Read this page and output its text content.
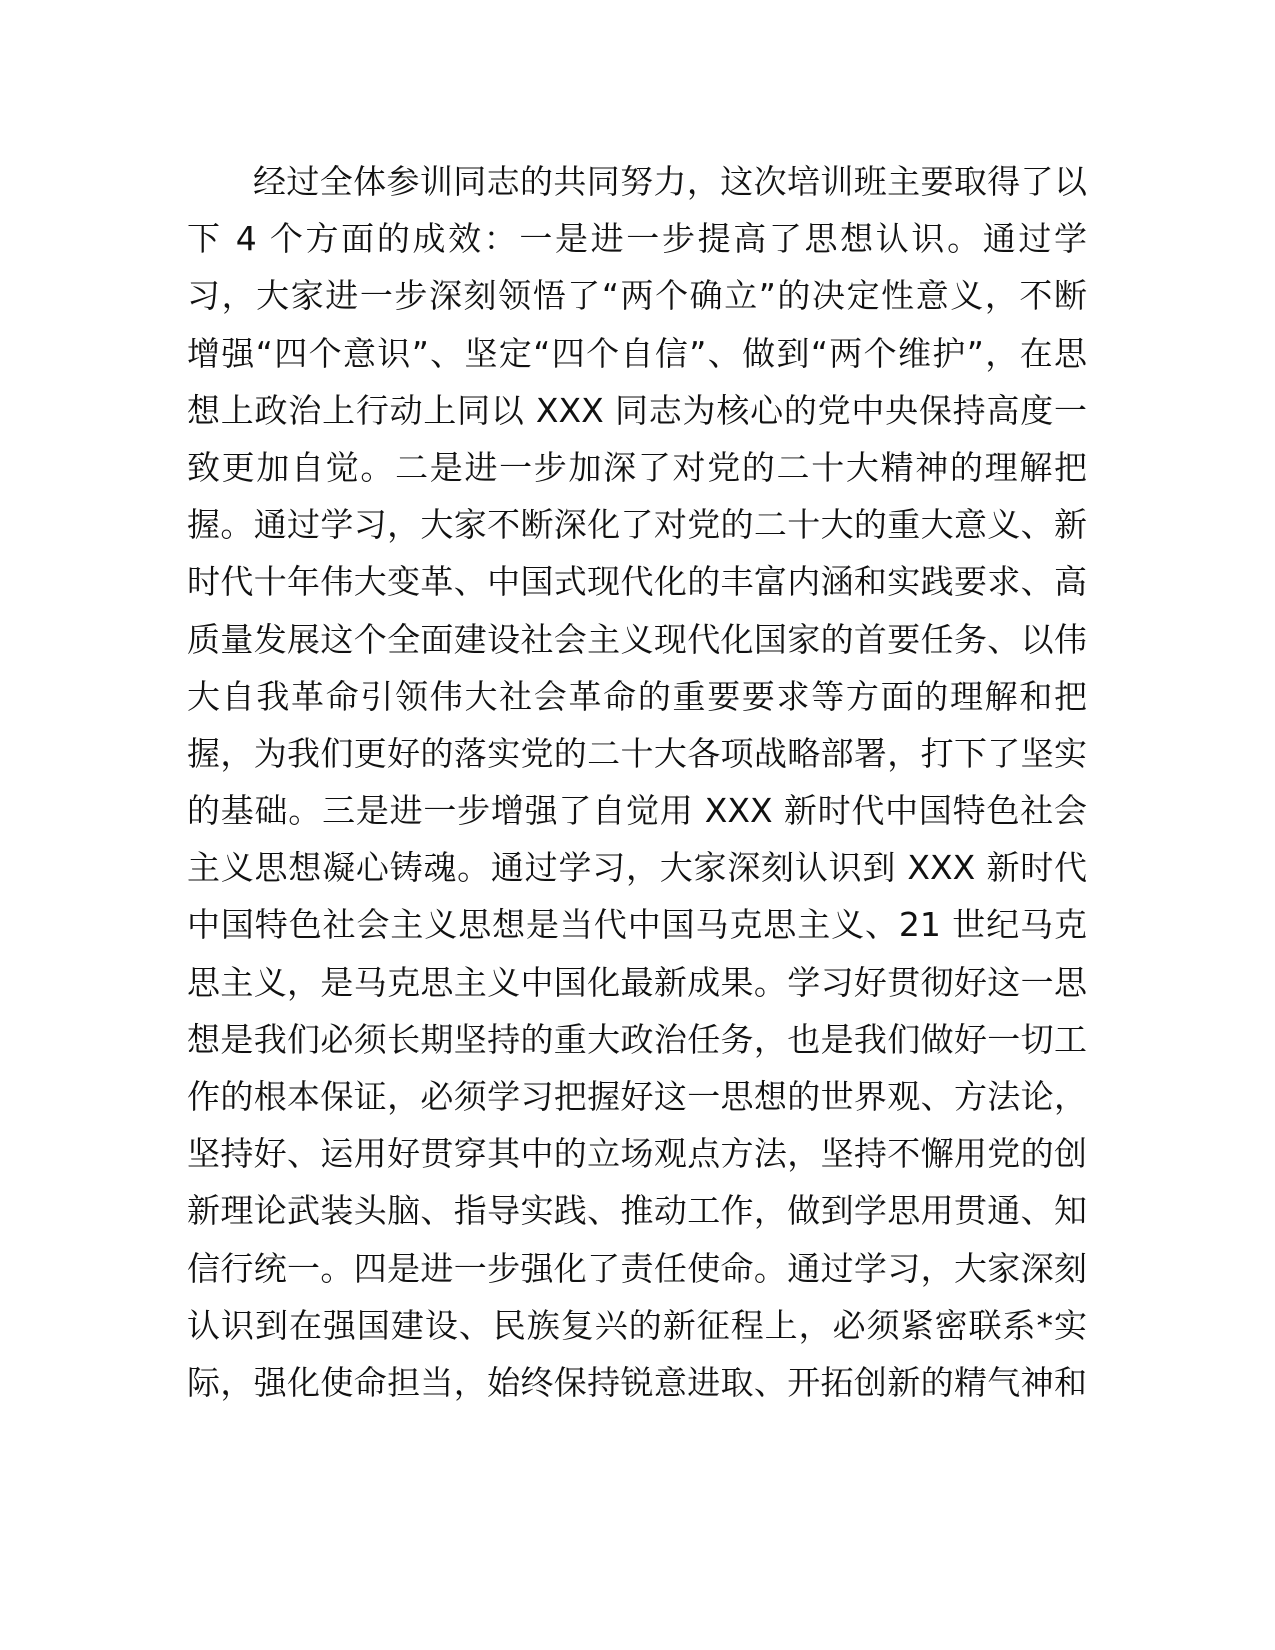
经过全体参训同志的共同努力，这次培训班主要取得了以
下 4 个方面的成效：一是进一步提高了思想认识。通过学
习，大家进一步深刻领悟了“两个确立”的决定性意义，不断
增强“四个意识”、坚定“四个自信”、做到“两个维护”，在思
想上政治上行动上同以 XXX 同志为核心的党中央保持高度一
致更加自觉。二是进一步加深了对党的二十大精神的理解把
握。通过学习，大家不断深化了对党的二十大的重大意义、新
时代十年伟大变革、中国式现代化的丰富内涵和实践要求、高
质量发展这个全面建设社会主义现代化国家的首要任务、以伟
大自我革命引领伟大社会革命的重要要求等方面的理解和把
握，为我们更好的落实党的二十大各项战略部署，打下了坚实
的基础。三是进一步增强了自觉用 XXX 新时代中国特色社会
主义思想凝心铸魂。通过学习，大家深刻认识到 XXX 新时代
中国特色社会主义思想是当代中国马克思主义、21 世纪马克
思主义，是马克思主义中国化最新成果。学习好贯彻好这一思
想是我们必须长期坚持的重大政治任务，也是我们做好一切工
作的根本保证，必须学习把握好这一思想的世界观、方法论，
坚持好、运用好贯穿其中的立场观点方法，坚持不懈用党的创
新理论武装头脑、指导实践、推动工作，做到学思用贯通、知
信行统一。四是进一步强化了责任使命。通过学习，大家深刻
认识到在强国建设、民族复兴的新征程上，必须紧密联系*实
际，强化使命担当，始终保持锐意进取、开拓创新的精气神和
